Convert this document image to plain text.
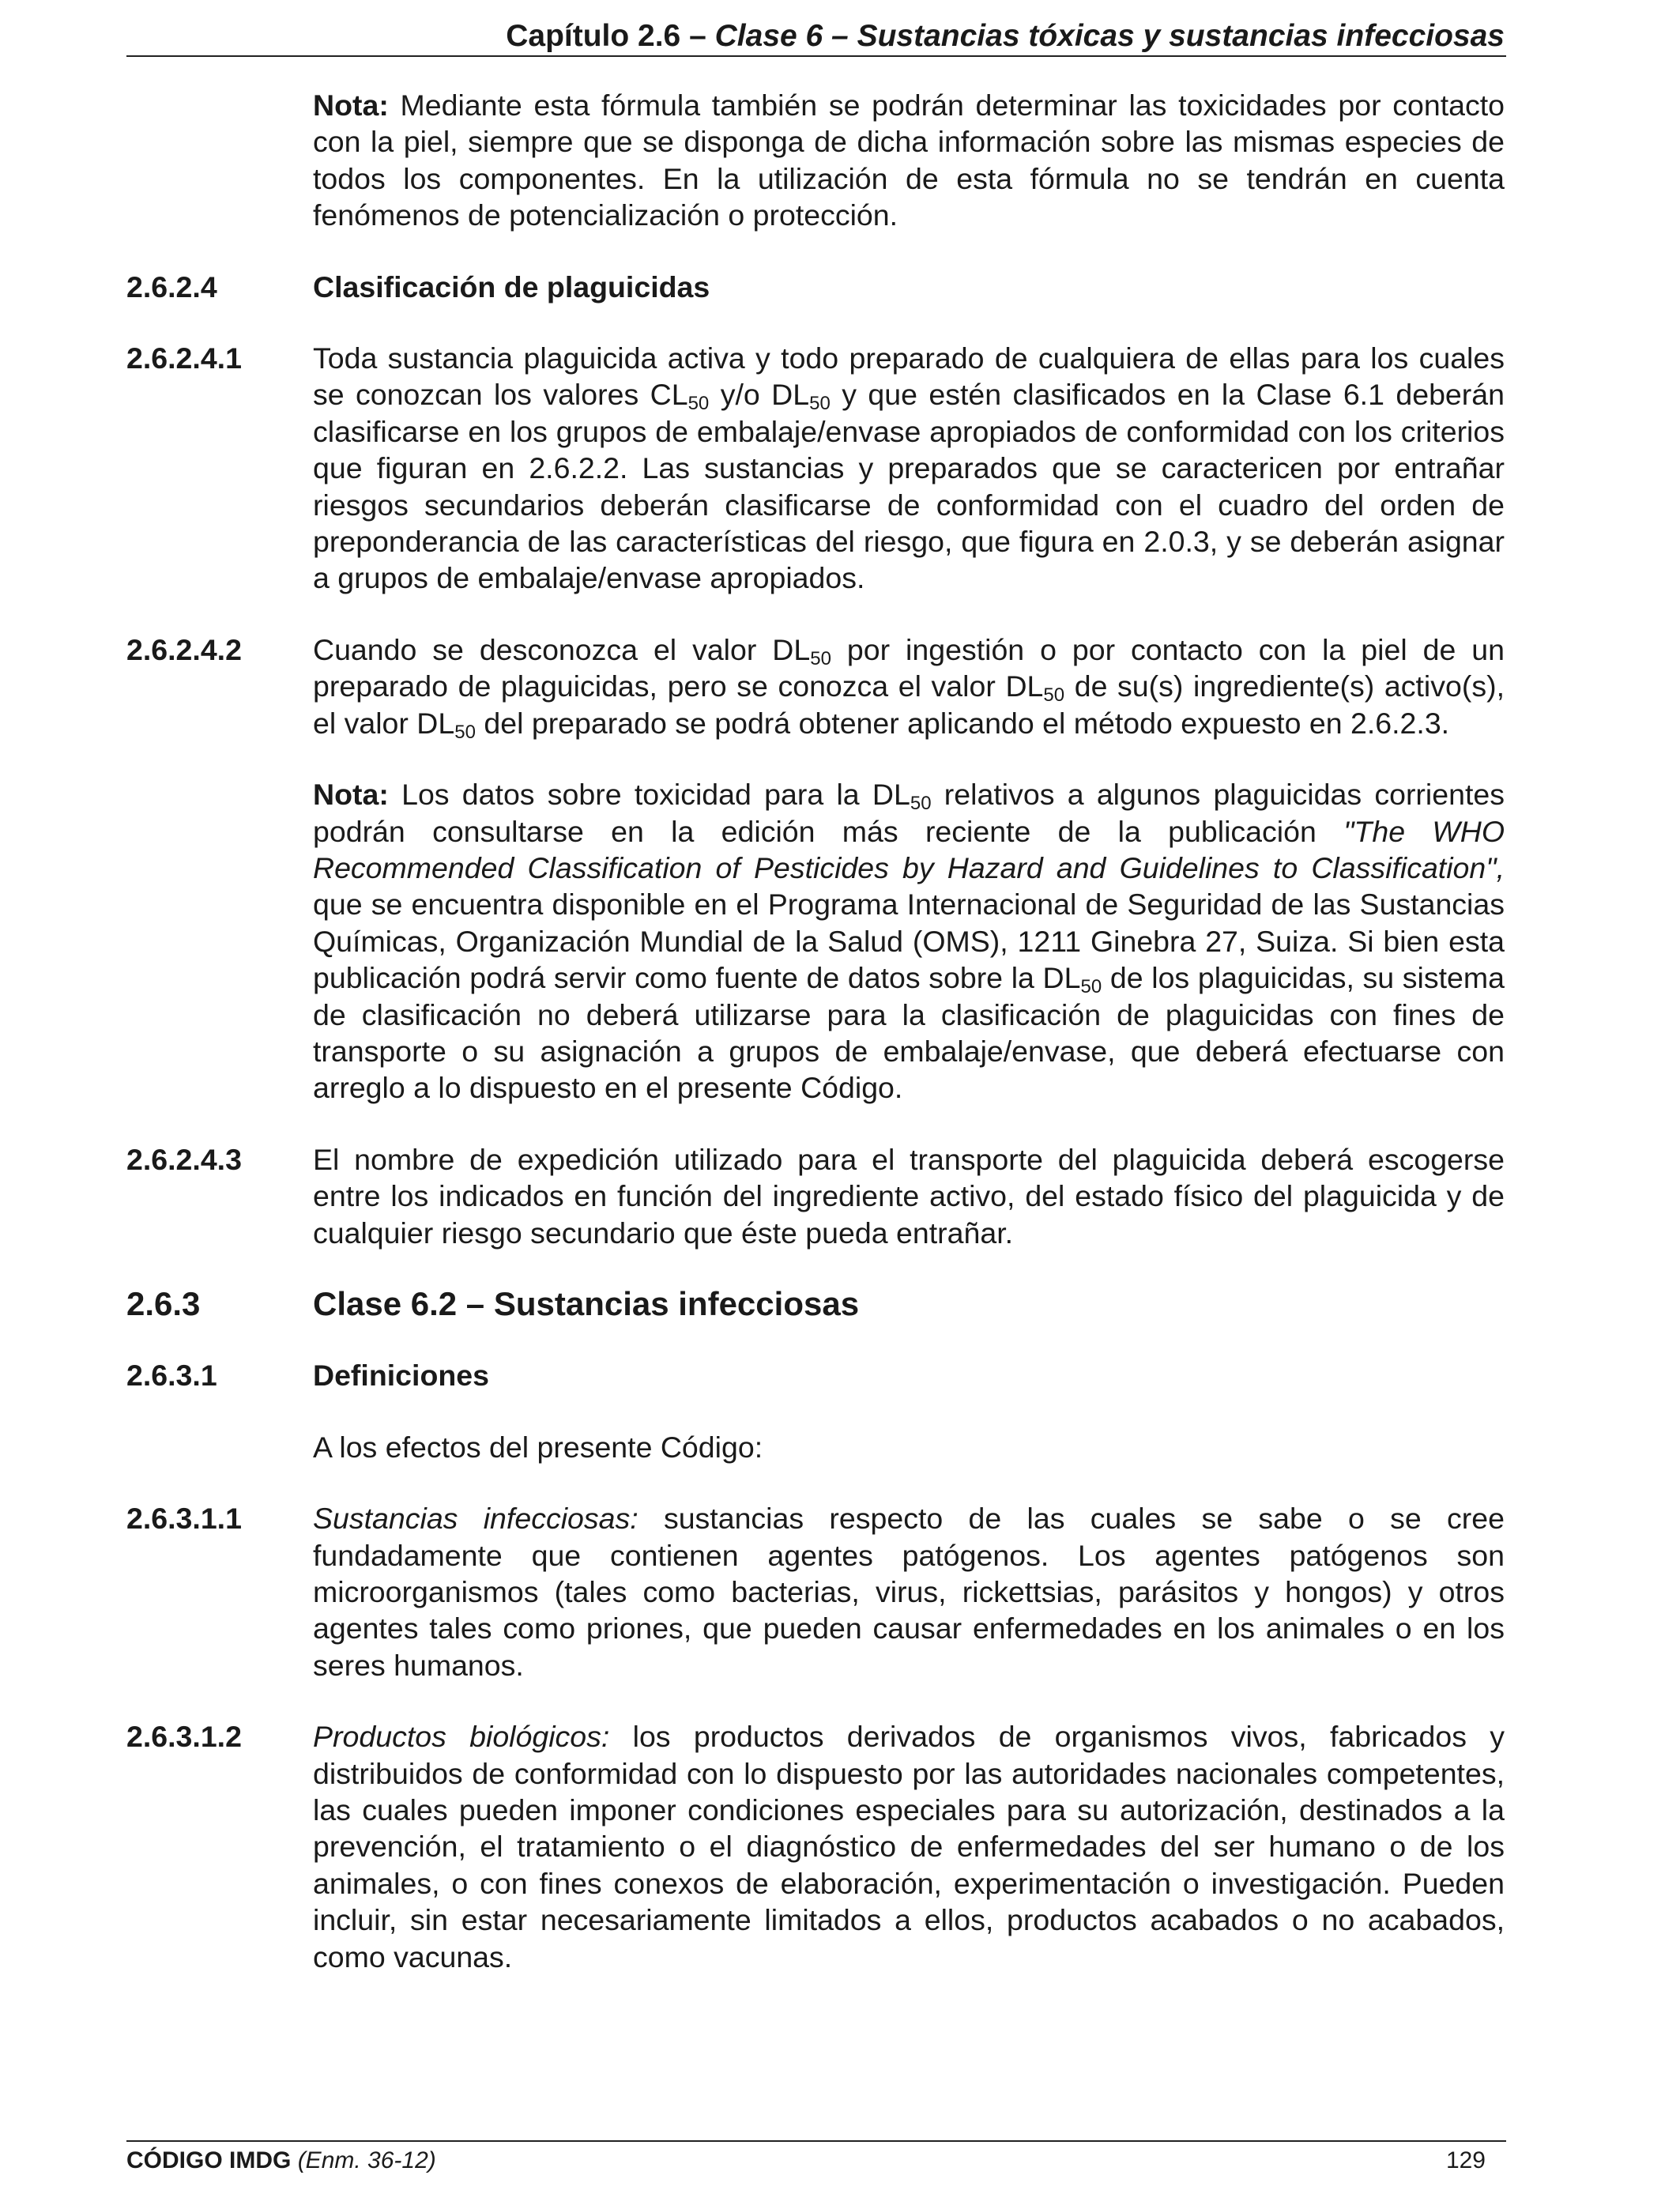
Capítulo 2.6 – Clase 6 – Sustancias tóxicas y sustancias infecciosas
Nota: Mediante esta fórmula también se podrán determinar las toxicidades por contacto con la piel, siempre que se disponga de dicha información sobre las mismas especies de todos los componentes. En la utilización de esta fórmula no se tendrán en cuenta fenómenos de potencialización o protección.
2.6.2.4	Clasificación de plaguicidas
2.6.2.4.1	Toda sustancia plaguicida activa y todo preparado de cualquiera de ellas para los cuales se conozcan los valores $CL_{50}$ y/o $DL_{50}$ y que estén clasificados en la Clase 6.1 deberán clasificarse en los grupos de embalaje/envase apropiados de conformidad con los criterios que figuran en 2.6.2.2. Las sustancias y preparados que se caractericen por entrañar riesgos secundarios deberán clasificarse de conformidad con el cuadro del orden de preponderancia de las características del riesgo, que figura en 2.0.3, y se deberán asignar a grupos de embalaje/envase apropiados.
2.6.2.4.2	Cuando se desconozca el valor $DL_{50}$ por ingestión o por contacto con la piel de un preparado de plaguicidas, pero se conozca el valor $DL_{50}$ de su(s) ingrediente(s) activo(s), el valor $DL_{50}$ del preparado se podrá obtener aplicando el método expuesto en 2.6.2.3.
Nota: Los datos sobre toxicidad para la $DL_{50}$ relativos a algunos plaguicidas corrientes podrán consultarse en la edición más reciente de la publicación "The WHO Recommended Classification of Pesticides by Hazard and Guidelines to Classification", que se encuentra disponible en el Programa Internacional de Seguridad de las Sustancias Químicas, Organización Mundial de la Salud (OMS), 1211 Ginebra 27, Suiza. Si bien esta publicación podrá servir como fuente de datos sobre la $DL_{50}$ de los plaguicidas, su sistema de clasificación no deberá utilizarse para la clasificación de plaguicidas con fines de transporte o su asignación a grupos de embalaje/envase, que deberá efectuarse con arreglo a lo dispuesto en el presente Código.
2.6.2.4.3	El nombre de expedición utilizado para el transporte del plaguicida deberá escogerse entre los indicados en función del ingrediente activo, del estado físico del plaguicida y de cualquier riesgo secundario que éste pueda entrañar.
2.6.3	Clase 6.2 – Sustancias infecciosas
2.6.3.1	Definiciones
A los efectos del presente Código:
2.6.3.1.1	Sustancias infecciosas: sustancias respecto de las cuales se sabe o se cree fundadamente que contienen agentes patógenos. Los agentes patógenos son microorganismos (tales como bacterias, virus, rickettsias, parásitos y hongos) y otros agentes tales como priones, que pueden causar enfermedades en los animales o en los seres humanos.
2.6.3.1.2	Productos biológicos: los productos derivados de organismos vivos, fabricados y distribuidos de conformidad con lo dispuesto por las autoridades nacionales competentes, las cuales pueden imponer condiciones especiales para su autorización, destinados a la prevención, el tratamiento o el diagnóstico de enfermedades del ser humano o de los animales, o con fines conexos de elaboración, experimentación o investigación. Pueden incluir, sin estar necesariamente limitados a ellos, productos acabados o no acabados, como vacunas.
CÓDIGO IMDG (Enm. 36-12)	129
